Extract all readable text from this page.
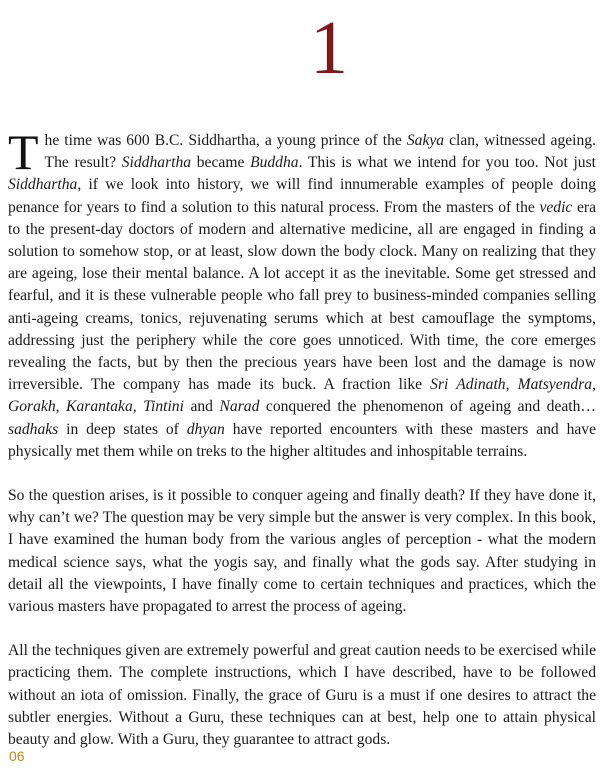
1

The time was 600 B.C. Siddhartha, a young prince of the Sakya clan, witnessed ageing. The result? Siddhartha became Buddha. This is what we intend for you too. Not just Siddhartha, if we look into history, we will find innumerable examples of people doing penance for years to find a solution to this natural process. From the masters of the vedic era to the present-day doctors of modern and alternative medicine, all are engaged in finding a solution to somehow stop, or at least, slow down the body clock. Many on realizing that they are ageing, lose their mental balance. A lot accept it as the inevitable. Some get stressed and fearful, and it is these vulnerable people who fall prey to business-minded companies selling anti-ageing creams, tonics, rejuvenating serums which at best camouflage the symptoms, addressing just the periphery while the core goes unnoticed. With time, the core emerges revealing the facts, but by then the precious years have been lost and the damage is now irreversible. The company has made its buck. A fraction like Sri Adinath, Matsyendra, Gorakh, Karantaka, Tintini and Narad conquered the phenomenon of ageing and death… sadhaks in deep states of dhyan have reported encounters with these masters and have physically met them while on treks to the higher altitudes and inhospitable terrains.

So the question arises, is it possible to conquer ageing and finally death? If they have done it, why can’t we? The question may be very simple but the answer is very complex. In this book, I have examined the human body from the various angles of perception - what the modern medical science says, what the yogis say, and finally what the gods say. After studying in detail all the viewpoints, I have finally come to certain techniques and practices, which the various masters have propagated to arrest the process of ageing.

All the techniques given are extremely powerful and great caution needs to be exercised while practicing them. The complete instructions, which I have described, have to be followed without an iota of omission. Finally, the grace of Guru is a must if one desires to attract the subtler energies. Without a Guru, these techniques can at best, help one to attain physical beauty and glow. With a Guru, they guarantee to attract gods.

06
